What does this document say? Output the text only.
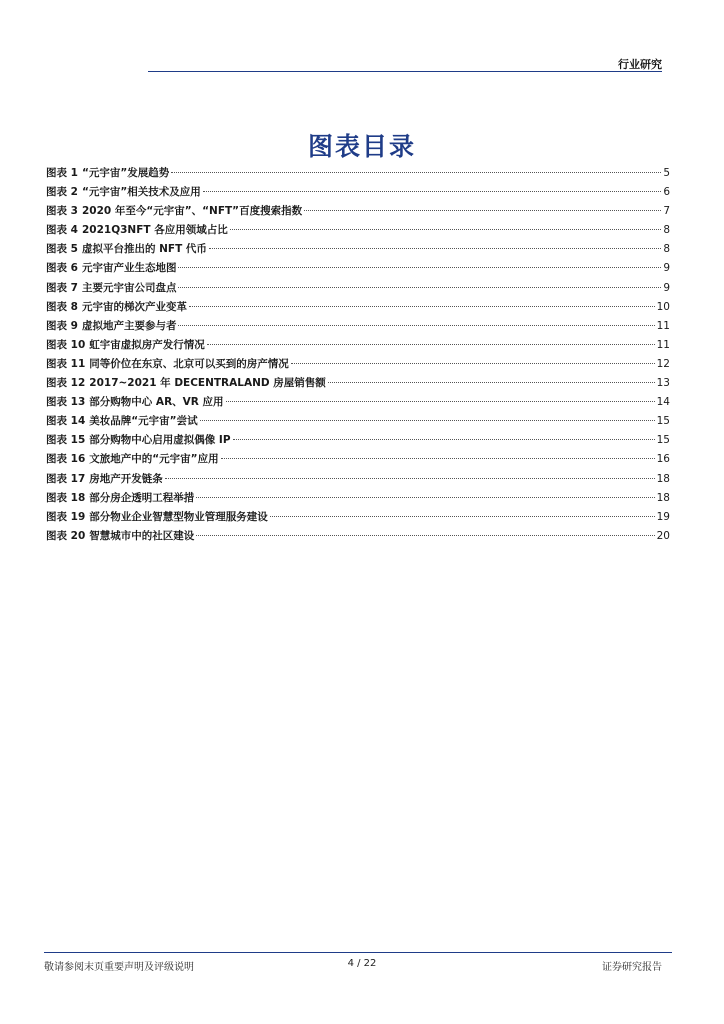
行业研究
图表目录
图表 1 “元宇宙”发展趋势	5
图表 2 “元宇宙”相关技术及应用	6
图表 3 2020 年至今“元宇宙”、“NFT”百度搜索指数	7
图表 4 2021Q3NFT 各应用领域占比	8
图表 5 虚拟平台推出的 NFT 代币	8
图表 6 元宇宙产业生态地图	9
图表 7 主要元宇宙公司盘点	9
图表 8 元宇宙的梯次产业变革	10
图表 9 虚拟地产主要参与者	11
图表 10 虹宇宙虚拟房产发行情况	11
图表 11 同等价位在东京、北京可以买到的房产情况	12
图表 12 2017~2021 年 DECENTRALAND 房屋销售额	13
图表 13 部分购物中心 AR、VR 应用	14
图表 14 美妆品牌“元宇宙”尝试	15
图表 15 部分购物中心启用虚拟偶像 IP	15
图表 16 文旅地产中的“元宇宙”应用	16
图表 17 房地产开发链条	18
图表 18 部分房企透明工程举措	18
图表 19 部分物业企业智慧型物业管理服务建设	19
图表 20 智慧城市中的社区建设	20
敬请参阅末页重要声明及评级说明	4 / 22	证券研究报告
